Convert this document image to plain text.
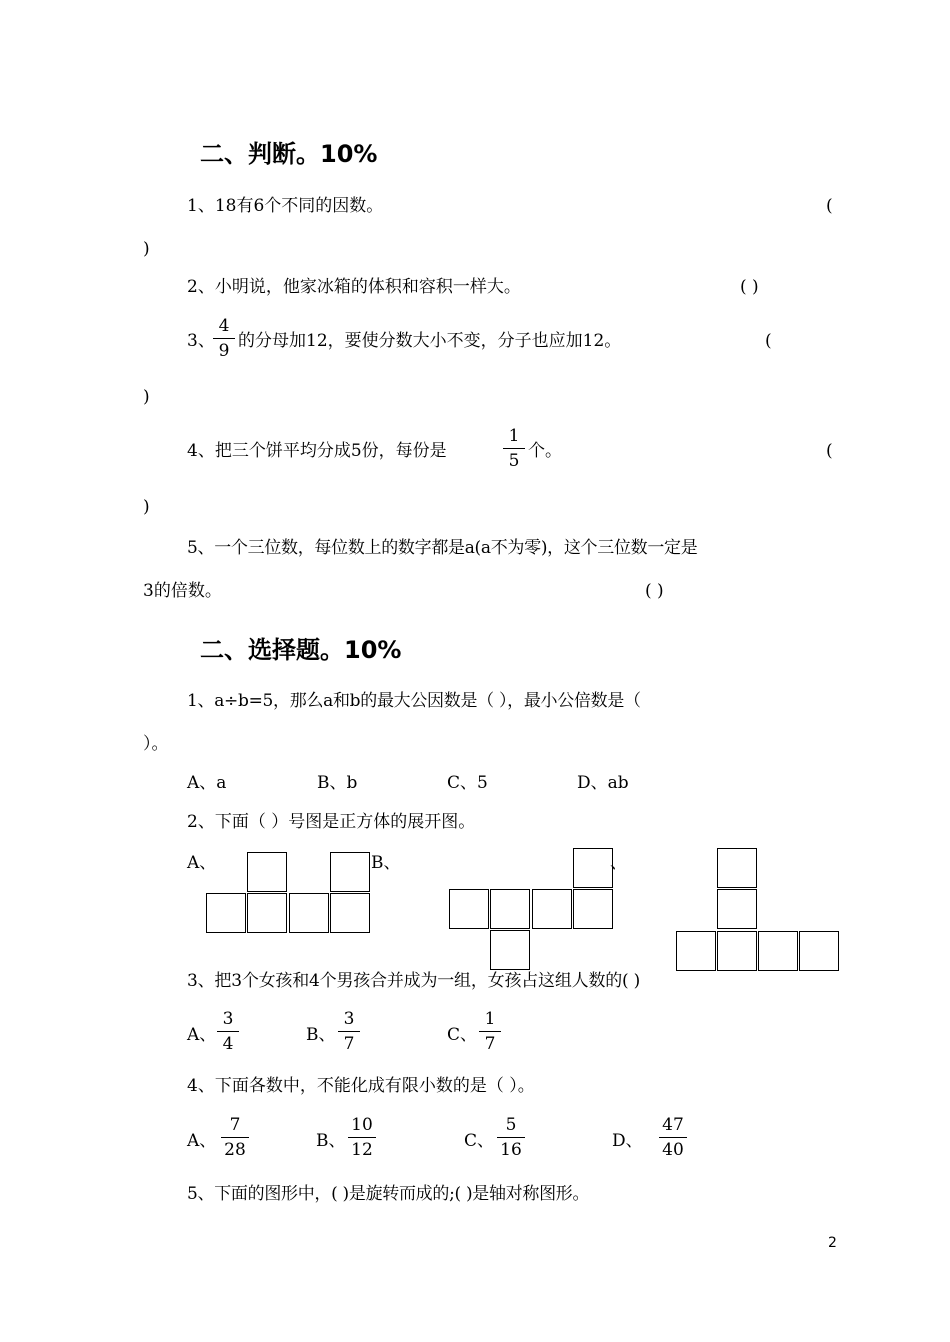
二、判断。10%
1、18有6个不同的因数。	(
)
2、小明说，他家冰箱的体积和容积一样大。	( )
3、
4
9 的分母加12，要使分数大小不变，分子也应加12。	(
)
4、把三个饼平均分成5份，每份是
1
5 个。	(
)
5、一个三位数，每位数上的数字都是a(a不为零)，这个三位数一定是
3的倍数。	( )
二、选择题。10%
1、a÷b=5，那么a和b的最大公因数是（ ），最小公倍数是（
）。
A、a	B、b	C、5	D、ab
2、下面（ ）号图是正方体的展开图。
A、	B、	、
3、把3个女孩和4个男孩合并成为一组，女孩占这组人数的( )
A、
3
4	B、
3
7	C、
1
7
4、下面各数中，不能化成有限小数的是（ ）。
A、
7
28	B、
10
12	C、
5
16	D、
47
40
5、下面的图形中，( )是旋转而成的;( )是轴对称图形。
2
